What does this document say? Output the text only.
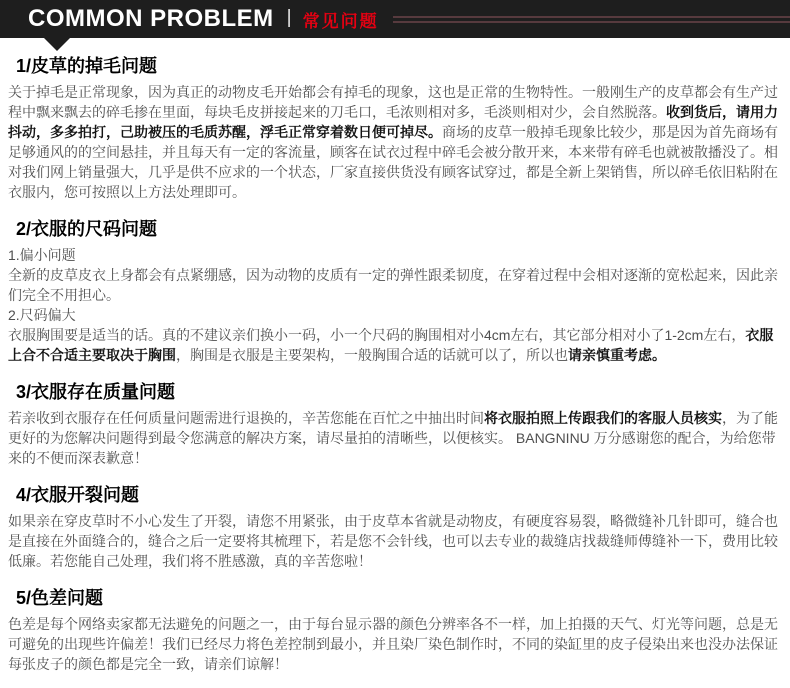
COMMON PROBLEM | 常见问题
1/皮草的掉毛问题

关于掉毛是正常现象，因为真正的动物皮毛开始都会有掉毛的现象，这也是正常的生物特性。一般刚生产的皮草都会有生产过程中飘来飘去的碎毛掺在里面，每块毛皮拼接起来的刀毛口，毛浓则相对多，毛淡则相对少，会自然脱落。收到货后，请用力抖动，多多拍打，己助被压的毛质苏醒，浮毛正常穿着数日便可掉尽。商场的皮草一般掉毛现象比较少，那是因为首先商场有足够通风的的空间悬挂，并且每天有一定的客流量，顾客在试衣过程中碎毛会被分散开来，本来带有碎毛也就被散播没了。相对我们网上销量强大，几乎是供不应求的一个状态，厂家直接供货没有顾客试穿过，都是全新上架销售，所以碎毛依旧粘附在衣服内，您可按照以上方法处理即可。

2/衣服的尺码问题

1.偏小问题

全新的皮草皮衣上身都会有点紧绷感，因为动物的皮质有一定的弹性跟柔韧度，在穿着过程中会相对逐渐的宽松起来，因此亲们完全不用担心。

2.尺码偏大

衣服胸围要是适当的话。真的不建议亲们换小一码，小一个尺码的胸围相对小4cm左右，其它部分相对小了1-2cm左右，衣服上合不合适主要取决于胸围，胸围是衣服是主要架构，一般胸围合适的话就可以了，所以也请亲慎重考虑。

3/衣服存在质量问题

若亲收到衣服存在任何质量问题需进行退换的，辛苦您能在百忙之中抽出时间将衣服拍照上传跟我们的客服人员核实，为了能更好的为您解决问题得到最令您满意的解决方案，请尽量拍的清晰些，以便核实。 BANGNINU 万分感谢您的配合，为给您带来的不便而深表歉意！

4/衣服开裂问题

如果亲在穿皮草时不小心发生了开裂，请您不用紧张，由于皮草本省就是动物皮，有硬度容易裂，略微缝补几针即可，缝合也是直接在外面缝合的，缝合之后一定要将其梳理下，若是您不会针线，也可以去专业的裁缝店找裁缝师傅缝补一下，费用比较低廉。若您能自己处理，我们将不胜感激，真的辛苦您啦！

5/色差问题

色差是每个网络卖家都无法避免的问题之一，由于每台显示器的颜色分辨率各不一样，加上拍摄的天气、灯光等问题，总是无可避免的出现些许偏差！我们已经尽力将色差控制到最小，并且染厂染色制作时，不同的染缸里的皮子侵染出来也没办法保证每张皮子的颜色都是完全一致，请亲们谅解！
